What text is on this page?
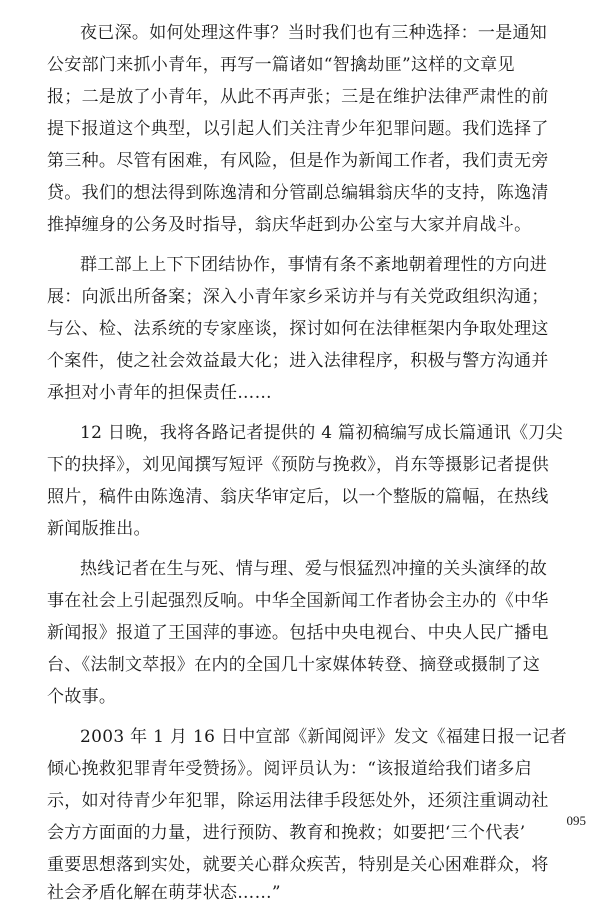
夜已深。如何处理这件事？当时我们也有三种选择：一是通知
公安部门来抓小青年，再写一篇诸如“智擒劫匪”这样的文章见
报；二是放了小青年，从此不再声张；三是在维护法律严肃性的前
提下报道这个典型，以引起人们关注青少年犯罪问题。我们选择了
第三种。尽管有困难，有风险，但是作为新闻工作者，我们责无旁
贷。我们的想法得到陈逸清和分管副总编辑翁庆华的支持，陈逸清
推掉缠身的公务及时指导，翁庆华赶到办公室与大家并肩战斗。
群工部上上下下团结协作，事情有条不紊地朝着理性的方向进
展：向派出所备案；深入小青年家乡采访并与有关党政组织沟通；
与公、检、法系统的专家座谈，探讨如何在法律框架内争取处理这
个案件，使之社会效益最大化；进入法律程序，积极与警方沟通并
承担对小青年的担保责任……
12 日晚，我将各路记者提供的 4 篇初稿编写成长篇通讯《刀尖
下的抉择》，刘见闻撰写短评《预防与挽救》，肖东等摄影记者提供
照片，稿件由陈逸清、翁庆华审定后，以一个整版的篇幅，在热线
新闻版推出。
热线记者在生与死、情与理、爱与恨猛烈冲撞的关头演绎的故
事在社会上引起强烈反响。中华全国新闻工作者协会主办的《中华
新闻报》报道了王国萍的事迹。包括中央电视台、中央人民广播电
台、《法制文萃报》在内的全国几十家媒体转登、摘登或摄制了这
个故事。
2003 年 1 月 16 日中宣部《新闻阅评》发文《福建日报一记者
倾心挽救犯罪青年受赞扬》。阅评员认为：“该报道给我们诸多启
示，如对待青少年犯罪，除运用法律手段惩处外，还须注重调动社
会方方面面的力量，进行预防、教育和挽救；如要把‘三个代表’
重要思想落到实处，就要关心群众疾苦，特别是关心困难群众，将
社会矛盾化解在萌芽状态……”
095
